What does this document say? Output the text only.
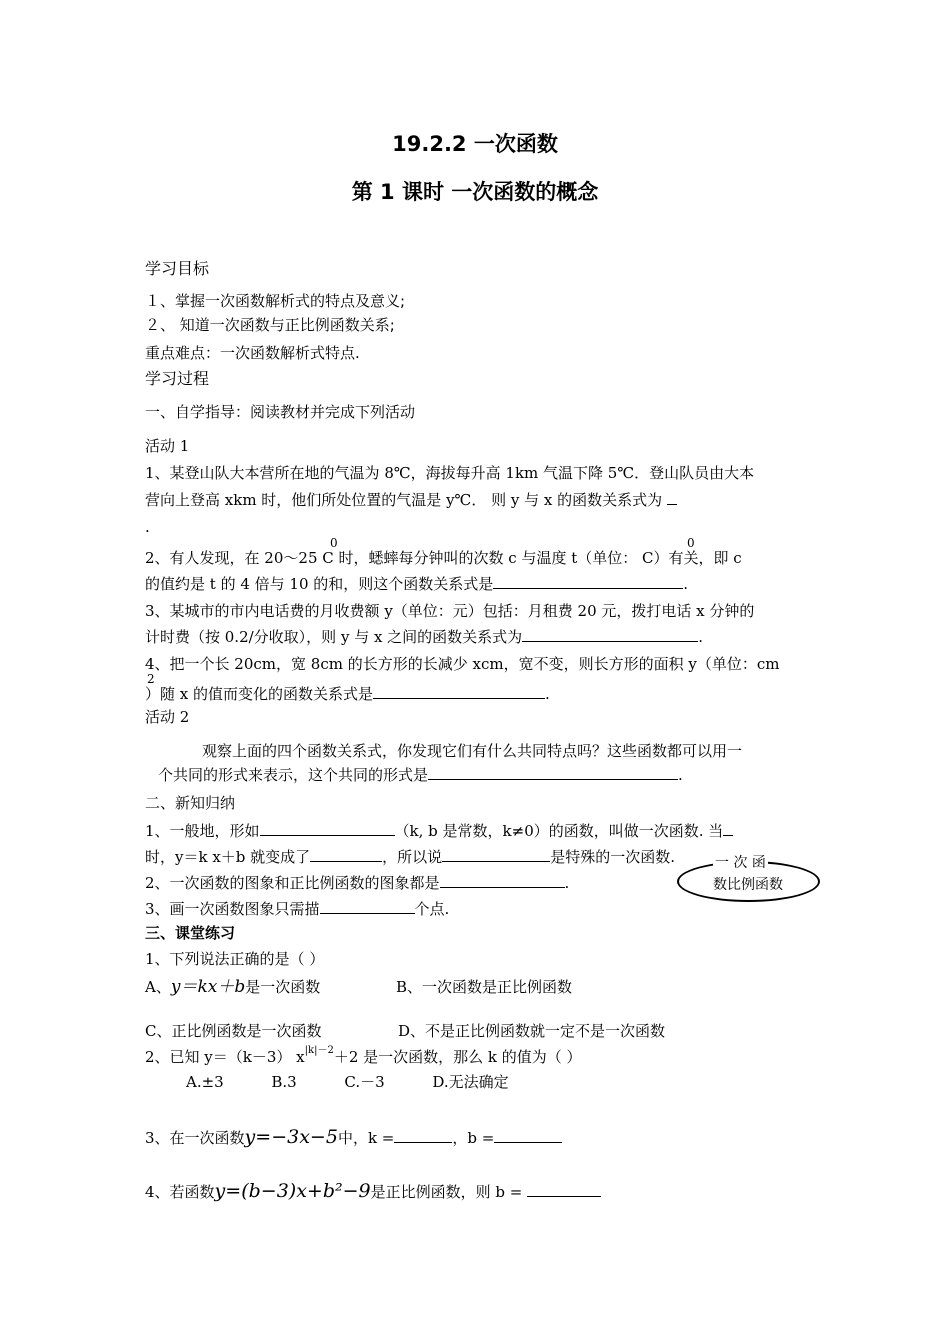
19.2.2 一次函数
第 1 课时 一次函数的概念
学习目标
１、掌握一次函数解析式的特点及意义;
２、 知道一次函数与正比例函数关系;
重点难点：一次函数解析式特点.
学习过程
一、自学指导：阅读教材并完成下列活动
活动 1
1、某登山队大本营所在地的气温为 8℃，海拔每升高 1km 气温下降 5℃．登山队员由大本
营向上登高 xkm 时，他们所处位置的气温是 y℃． 则 y 与 x 的函数关系式为
.
2、有人发现，在 20～25 C 时，蟋蟀每分钟叫的次数 c 与温度 t（单位： C）有关，即 c
0	0
的值约是 t 的 4 倍与 10 的和，则这个函数关系式是	.
3、某城市的市内电话费的月收费额 y（单位：元）包括：月租费 20 元，拨打电话 x 分钟的
计时费（按 0.2/分收取），则 y 与 x 之间的函数关系式为	.
4、把一个长 20cm，宽 8cm 的长方形的长减少 xcm，宽不变，则长方形的面积 y（单位：cm
2
）随 x 的值而变化的函数关系式是	.
活动 2
观察上面的四个函数关系式，你发现它们有什么共同特点吗？这些函数都可以用一
个共同的形式来表示，这个共同的形式是	.
二、新知归纳
1、一般地，形如	（k, b 是常数，k≠0）的函数，叫做一次函数. 当
时，y＝k x＋b 就变成了	，所以说	是特殊的一次函数.
2、一次函数的图象和正比例函数的图象都是	.
3、画一次函数图象只需描	个点.
一 次 函
数比例函数
三、课堂练习
1、下列说法正确的是（ ）
A、y＝kx＋b是一次函数	B、一次函数是正比例函数
C、正比例函数是一次函数	D、不是正比例函数就一定不是一次函数
2、已知 y＝（k－3） $x^{|k|-2}+2$ 是一次函数，那么 k 的值为（ ）
A.±3          B.3          C.－3          D.无法确定
3、在一次函数y=−3x−5中，k =	，b =
4、若函数y=(b−3)x+b²−9是正比例函数，则 b =
